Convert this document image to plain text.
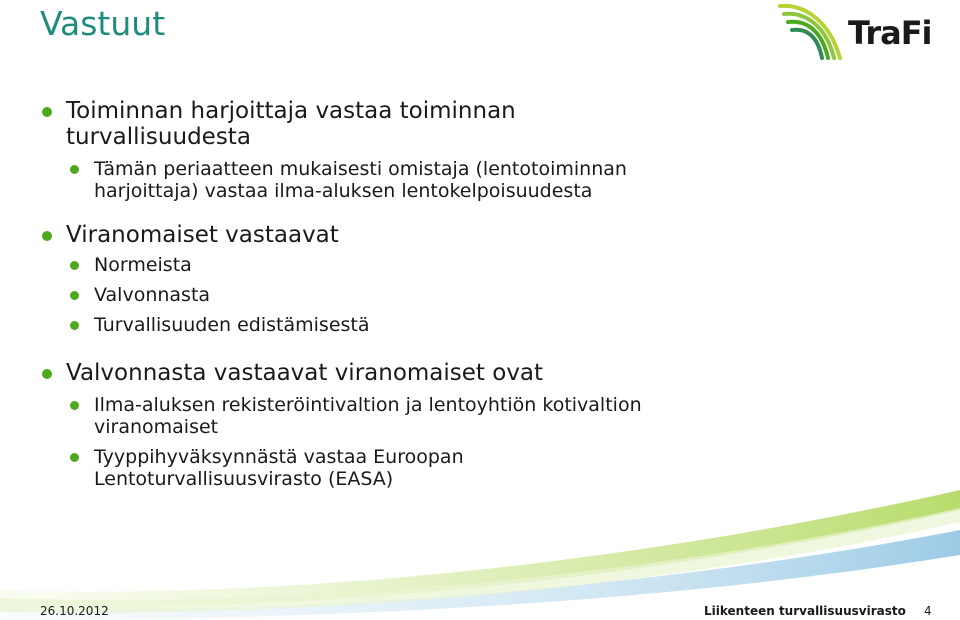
Vastuut	TraFi
Toiminnan harjoittaja vastaa toiminnan
turvallisuudesta
Tämän periaatteen mukaisesti omistaja (lentotoiminnan
harjoittaja) vastaa ilma-aluksen lentokelpoisuudesta
Viranomaiset vastaavat
Normeista
Valvonnasta
Turvallisuuden edistämisestä
Valvonnasta vastaavat viranomaiset ovat
Ilma-aluksen rekisteröintivaltion ja lentoyhtiön kotivaltion
viranomaiset
Tyyppihyväksynnästä vastaa Euroopan
Lentoturvallisuusvirasto (EASA)
26.10.2012	Liikenteen turvallisuusvirasto 4
